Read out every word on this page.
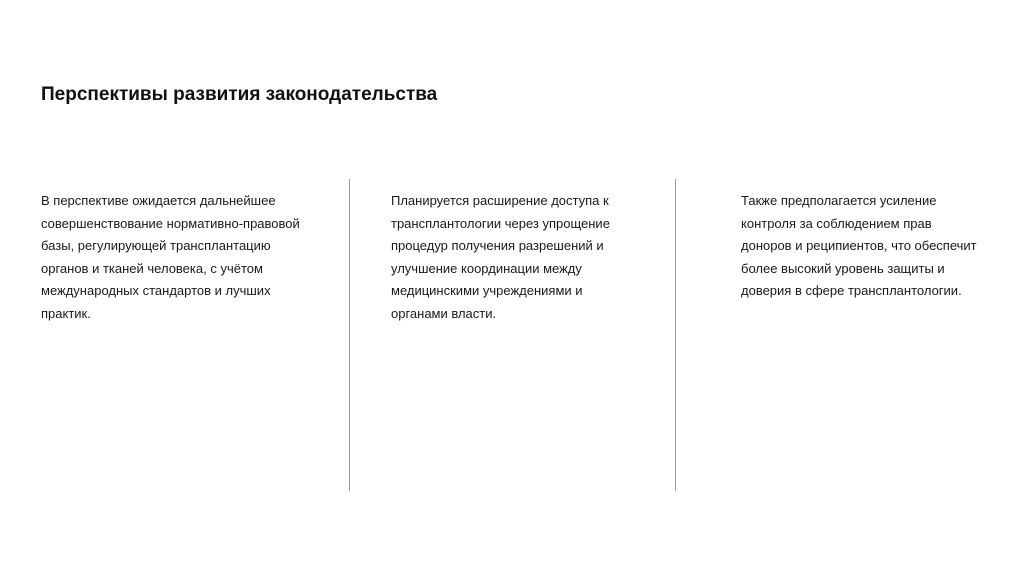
Перспективы развития законодательства

В перспективе ожидается дальнейшее совершенствование нормативно-правовой базы, регулирующей трансплантацию органов и тканей человека, с учётом международных стандартов и лучших практик.

Планируется расширение доступа к трансплантологии через упрощение процедур получения разрешений и улучшение координации между медицинскими учреждениями и органами власти.

Также предполагается усиление контроля за соблюдением прав доноров и реципиентов, что обеспечит более высокий уровень защиты и доверия в сфере трансплантологии.
